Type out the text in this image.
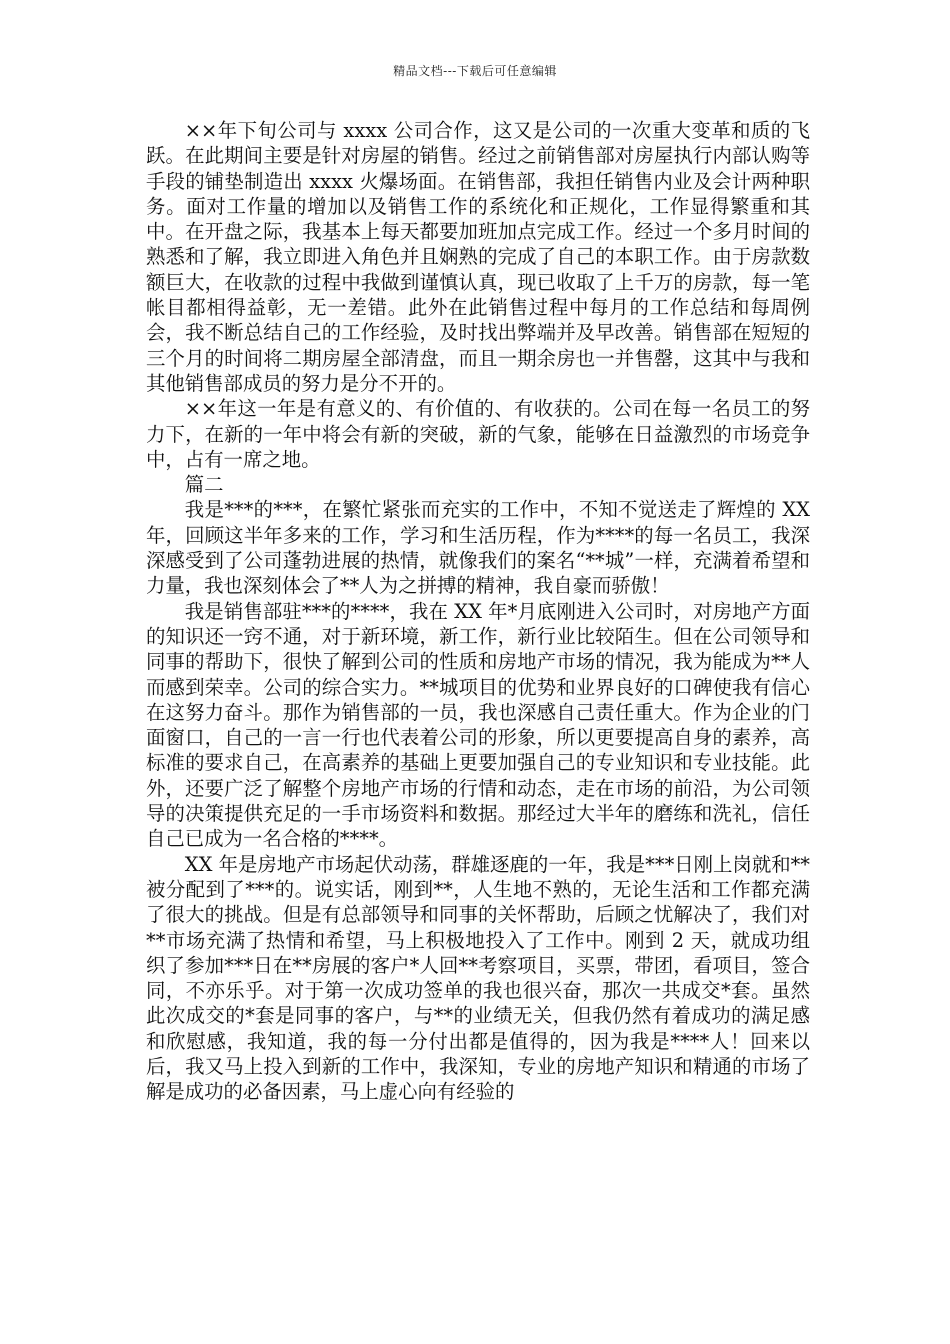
精品文档---下载后可任意编辑

××年下旬公司与 xxxx 公司合作，这又是公司的一次重大变革和质的飞跃。在此期间主要是针对房屋的销售。经过之前销售部对房屋执行内部认购等手段的铺垫制造出 xxxx 火爆场面。在销售部，我担任销售内业及会计两种职务。面对工作量的增加以及销售工作的系统化和正规化，工作显得繁重和其中。在开盘之际，我基本上每天都要加班加点完成工作。经过一个多月时间的熟悉和了解，我立即进入角色并且娴熟的完成了自己的本职工作。由于房款数额巨大，在收款的过程中我做到谨慎认真，现已收取了上千万的房款，每一笔帐目都相得益彰，无一差错。此外在此销售过程中每月的工作总结和每周例会，我不断总结自己的工作经验，及时找出弊端并及早改善。销售部在短短的三个月的时间将二期房屋全部清盘，而且一期余房也一并售罄，这其中与我和其他销售部成员的努力是分不开的。

××年这一年是有意义的、有价值的、有收获的。公司在每一名员工的努力下，在新的一年中将会有新的突破，新的气象，能够在日益激烈的市场竞争中，占有一席之地。

篇二

我是***的***，在繁忙紧张而充实的工作中，不知不觉送走了辉煌的 XX 年，回顾这半年多来的工作，学习和生活历程，作为****的每一名员工，我深深感受到了公司蓬勃进展的热情，就像我们的案名“**城”一样，充满着希望和力量，我也深刻体会了**人为之拼搏的精神，我自豪而骄傲！

我是销售部驻***的****，我在 XX 年*月底刚进入公司时，对房地产方面的知识还一窍不通，对于新环境，新工作，新行业比较陌生。但在公司领导和同事的帮助下，很快了解到公司的性质和房地产市场的情况，我为能成为**人而感到荣幸。公司的综合实力。**城项目的优势和业界良好的口碑使我有信心在这努力奋斗。那作为销售部的一员，我也深感自己责任重大。作为企业的门面窗口，自己的一言一行也代表着公司的形象，所以更要提高自身的素养，高标准的要求自己，在高素养的基础上更要加强自己的专业知识和专业技能。此外，还要广泛了解整个房地产市场的行情和动态，走在市场的前沿，为公司领导的决策提供充足的一手市场资料和数据。那经过大半年的磨练和洗礼，信任自己已成为一名合格的****。

XX 年是房地产市场起伏动荡，群雄逐鹿的一年，我是***日刚上岗就和**被分配到了***的。说实话，刚到**，人生地不熟的，无论生活和工作都充满了很大的挑战。但是有总部领导和同事的关怀帮助，后顾之忧解决了，我们对**市场充满了热情和希望，马上积极地投入了工作中。刚到 2 天，就成功组织了参加***日在**房展的客户*人回**考察项目，买票，带团，看项目，签合同，不亦乐乎。对于第一次成功签单的我也很兴奋，那次一共成交*套。虽然此次成交的*套是同事的客户，与**的业绩无关，但我仍然有着成功的满足感和欣慰感，我知道，我的每一分付出都是值得的，因为我是****人！回来以后，我又马上投入到新的工作中，我深知，专业的房地产知识和精通的市场了解是成功的必备因素，马上虚心向有经验的
